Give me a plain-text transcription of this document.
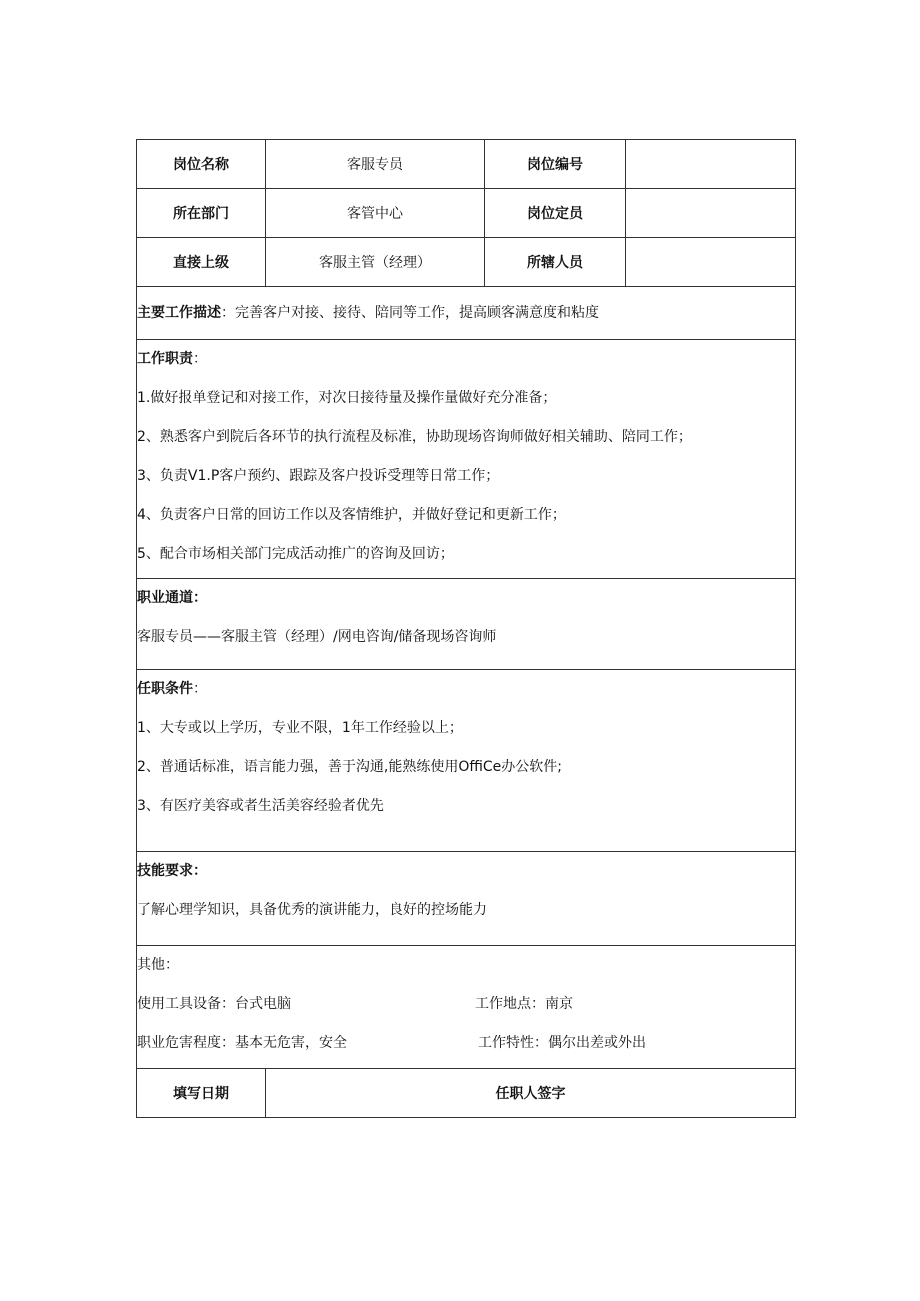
岗位名称	客服专员	岗位编号
所在部门	客管中心	岗位定员
直接上级	客服主管（经理）	所辖人员
主要工作描述：完善客户对接、接待、陪同等工作，提高顾客满意度和粘度
工作职责：
1.做好报单登记和对接工作，对次日接待量及操作量做好充分准备；
2、熟悉客户到院后各环节的执行流程及标准，协助现场咨询师做好相关辅助、陪同工作；
3、负责V1.P客户预约、跟踪及客户投诉受理等日常工作；
4、负责客户日常的回访工作以及客情维护，并做好登记和更新工作；
5、配合市场相关部门完成活动推广的咨询及回访；
职业通道：
客服专员——客服主管（经理）/网电咨询/储备现场咨询师
任职条件：
1、大专或以上学历，专业不限，1年工作经验以上；
2、普通话标准，语言能力强，善于沟通,能熟练使用OffiCe办公软件;
3、有医疗美容或者生活美容经验者优先
技能要求：
了解心理学知识，具备优秀的演讲能力，良好的控场能力
其他：
使用工具设备：台式电脑	工作地点：南京
职业危害程度：基本无危害，安全	工作特性：偶尔出差或外出
填写日期	任职人签字
